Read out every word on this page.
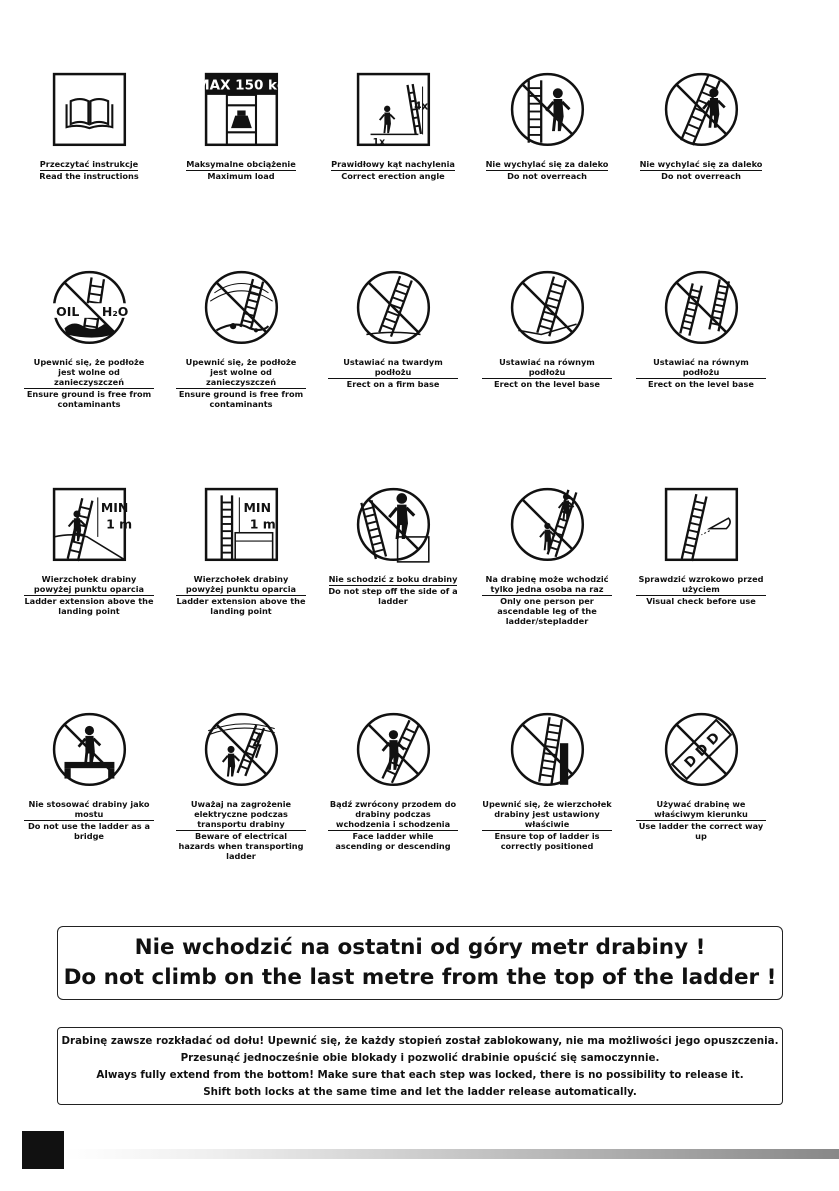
Przeczytać instrukcje
Read the instructions
MAX 150 kg
Maksymalne obciążenie
Maximum load
4x
1x
Prawidłowy kąt nachylenia
Correct erection angle
Nie wychylać się za daleko
Do not overreach
Nie wychylać się za daleko
Do not overreach
OIL H₂O
Upewnić się, że podłoże jest wolne od zanieczyszczeń
Ensure ground is free from contaminants
Upewnić się, że podłoże jest wolne od zanieczyszczeń
Ensure ground is free from contaminants
Ustawiać na twardym podłożu
Erect on a firm base
Ustawiać na równym podłożu
Erect on the level base
Ustawiać na równym podłożu
Erect on the level base
MIN
1 m
Wierzchołek drabiny powyżej punktu oparcia
Ladder extension above the landing point
MIN
1 m
Wierzchołek drabiny powyżej punktu oparcia
Ladder extension above the landing point
Nie schodzić z boku drabiny
Do not step off the side of a ladder
Na drabinę może wchodzić tylko jedna osoba na raz
Only one person per ascendable leg of the ladder/stepladder
Sprawdzić wzrokowo przed użyciem
Visual check before use
Nie stosować drabiny jako mostu
Do not use the ladder as a bridge
Uważaj na zagrożenie elektryczne podczas transportu drabiny
Beware of electrical hazards when transporting ladder
Bądź zwrócony przodem do drabiny podczas wchodzenia i schodzenia
Face ladder while ascending or descending
Upewnić się, że wierzchołek drabiny jest ustawiony właściwie
Ensure top of ladder is correctly positioned
Używać drabinę we właściwym kierunku
Use ladder the correct way up
Nie wchodzić na ostatni od góry metr drabiny !
Do not climb on the last metre from the top of the ladder !
Drabinę zawsze rozkładać od dołu! Upewnić się, że każdy stopień został zablokowany, nie ma możliwości jego opuszczenia.
Przesunąć jednocześnie obie blokady i pozwolić drabinie opuścić się samoczynnie.
Always fully extend from the bottom! Make sure that each step was locked, there is no possibility to release it.
Shift both locks at the same time and let the ladder release automatically.
